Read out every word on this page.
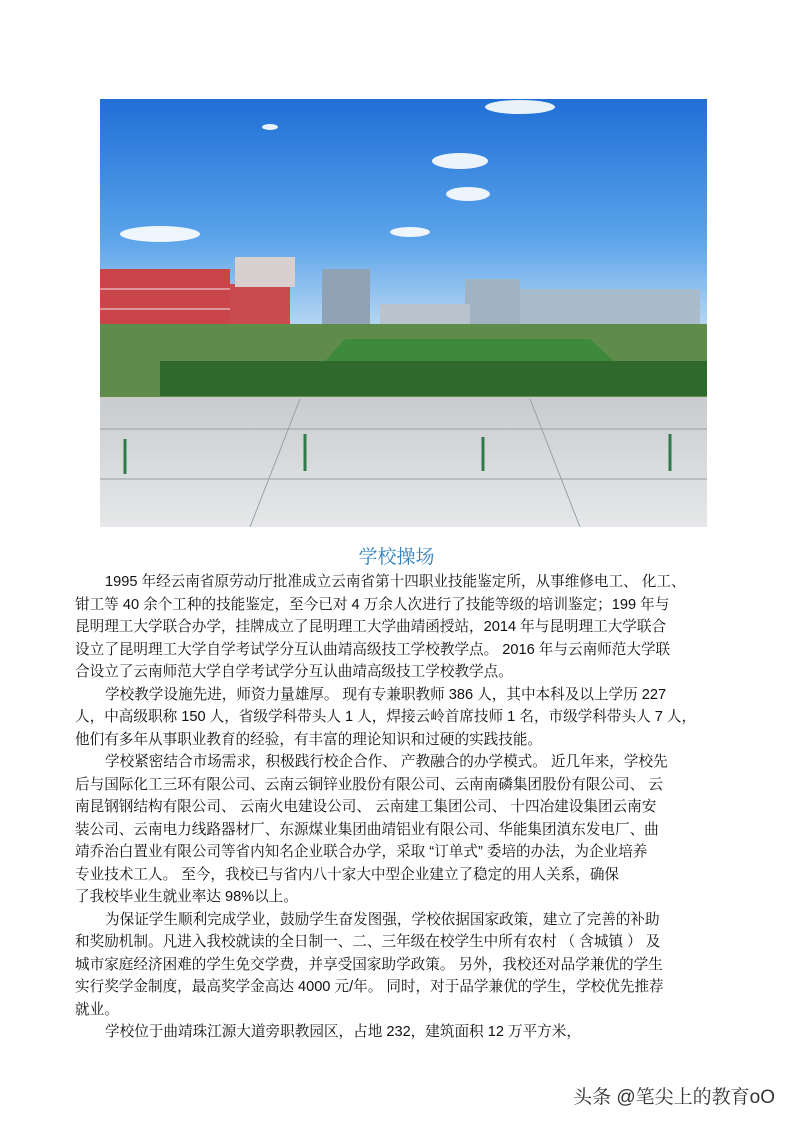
学校操场
1995 年经云南省原劳动厅批准成立云南省第十四职业技能鉴定所，从事维修电工、 化工、
钳工等 40 余个工种的技能鉴定，至今已对 4 万余人次进行了技能等级的培训鉴定；199 年与
昆明理工大学联合办学，挂牌成立了昆明理工大学曲靖函授站，2014 年与昆明理工大学联合
设立了昆明理工大学自学考试学分互认曲靖高级技工学校教学点。 2016 年与云南师范大学联
合设立了云南师范大学自学考试学分互认曲靖高级技工学校教学点。
学校教学设施先进，师资力量雄厚。 现有专兼职教师 386 人，其中本科及以上学历 227
人，中高级职称 150 人，省级学科带头人 1 人，焊接云岭首席技师 1 名，市级学科带头人 7 人，
他们有多年从事职业教育的经验，有丰富的理论知识和过硬的实践技能。
学校紧密结合市场需求，积极践行校企合作、 产教融合的办学模式。 近几年来，学校先
后与国际化工三环有限公司、云南云铜锌业股份有限公司、云南南磷集团股份有限公司、 云
南昆钢钢结构有限公司、 云南火电建设公司、 云南建工集团公司、 十四冶建设集团云南安
装公司、云南电力线路器材厂、东源煤业集团曲靖铝业有限公司、华能集团滇东发电厂、曲
靖乔治白置业有限公司等省内知名企业联合办学，采取 “订单式” 委培的办法，为企业培养
专业技术工人。 至今，我校已与省内八十家大中型企业建立了稳定的用人关系，确保
了我校毕业生就业率达 98%以上。
为保证学生顺利完成学业，鼓励学生奋发图强，学校依据国家政策，建立了完善的补助
和奖励机制。凡进入我校就读的全日制一、二、三年级在校学生中所有农村 （ 含城镇 ） 及
城市家庭经济困难的学生免交学费，并享受国家助学政策。 另外，我校还对品学兼优的学生
实行奖学金制度，最高奖学金高达 4000 元/年。 同时，对于品学兼优的学生，学校优先推荐
就业。
学校位于曲靖珠江源大道旁职教园区，占地 232，建筑面积 12 万平方米，
头条 @笔尖上的教育oO
